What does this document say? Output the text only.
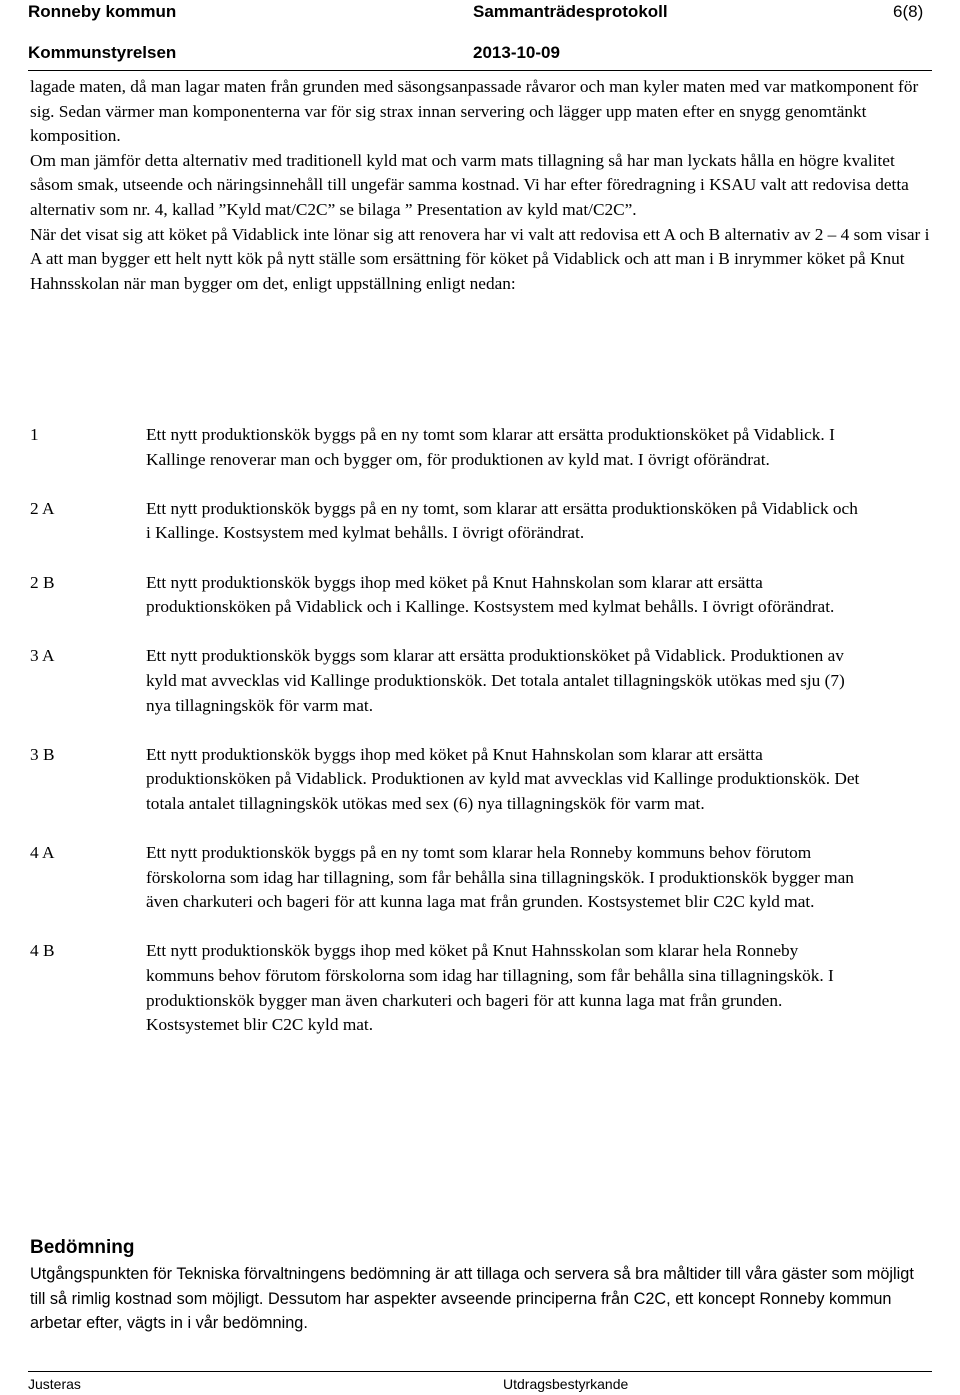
Ronneby kommun	Sammanträdesprotokoll	6(8)
Kommunstyrelsen	2013-10-09

lagade maten, då man lagar maten från grunden med säsongsanpassade råvaror och man kyler maten med var matkomponent för sig. Sedan värmer man komponenterna var för sig strax innan servering och lägger upp maten efter en snygg genomtänkt komposition.

Om man jämför detta alternativ med traditionell kyld mat och varm mats tillagning så har man lyckats hålla en högre kvalitet såsom smak, utseende och näringsinnehåll till ungefär samma kostnad. Vi har efter föredragning i KSAU valt att redovisa detta alternativ som nr. 4, kallad ”Kyld mat/C2C” se bilaga ” Presentation av kyld mat/C2C”.

När det visat sig att köket på Vidablick inte lönar sig att renovera har vi valt att redovisa ett A och B alternativ av 2 – 4 som visar i A att man bygger ett helt nytt kök på nytt ställe som ersättning för köket på Vidablick och att man i B inrymmer köket på Knut Hahnsskolan när man bygger om det, enligt uppställning enligt nedan:

1	Ett nytt produktionskök byggs på en ny tomt som klarar att ersätta produktionsköket på Vidablick. I Kallinge renoverar man och bygger om, för produktionen av kyld mat. I övrigt oförändrat.
2 A	Ett nytt produktionskök byggs på en ny tomt, som klarar att ersätta produktionsköken på Vidablick och i Kallinge. Kostsystem med kylmat behålls. I övrigt oförändrat.
2 B	Ett nytt produktionskök byggs ihop med köket på Knut Hahnskolan som klarar att ersätta produktionsköken på Vidablick och i Kallinge. Kostsystem med kylmat behålls. I övrigt oförändrat.
3 A	Ett nytt produktionskök byggs som klarar att ersätta produktionsköket på Vidablick. Produktionen av kyld mat avvecklas vid Kallinge produktionskök. Det totala antalet tillagningskök utökas med sju (7) nya tillagningskök för varm mat.
3 B	Ett nytt produktionskök byggs ihop med köket på Knut Hahnskolan som klarar att ersätta produktionsköken på Vidablick. Produktionen av kyld mat avvecklas vid Kallinge produktionskök. Det totala antalet tillagningskök utökas med sex (6) nya tillagningskök för varm mat.
4 A	Ett nytt produktionskök byggs på en ny tomt som klarar hela Ronneby kommuns behov förutom förskolorna som idag har tillagning, som får behålla sina tillagningskök. I produktionskök bygger man även charkuteri och bageri för att kunna laga mat från grunden. Kostsystemet blir C2C kyld mat.
4 B	Ett nytt produktionskök byggs ihop med köket på Knut Hahnsskolan som klarar hela Ronneby kommuns behov förutom förskolorna som idag har tillagning, som får behålla sina tillagningskök. I produktionskök bygger man även charkuteri och bageri för att kunna laga mat från grunden. Kostsystemet blir C2C kyld mat.
Bedömning
Utgångspunkten för Tekniska förvaltningens bedömning är att tillaga och servera så bra måltider till våra gäster som möjligt till så rimlig kostnad som möjligt. Dessutom har aspekter avseende principerna från C2C, ett koncept Ronneby kommun arbetar efter, vägts in i vår bedömning.
Justeras	Utdragsbestyrkande
